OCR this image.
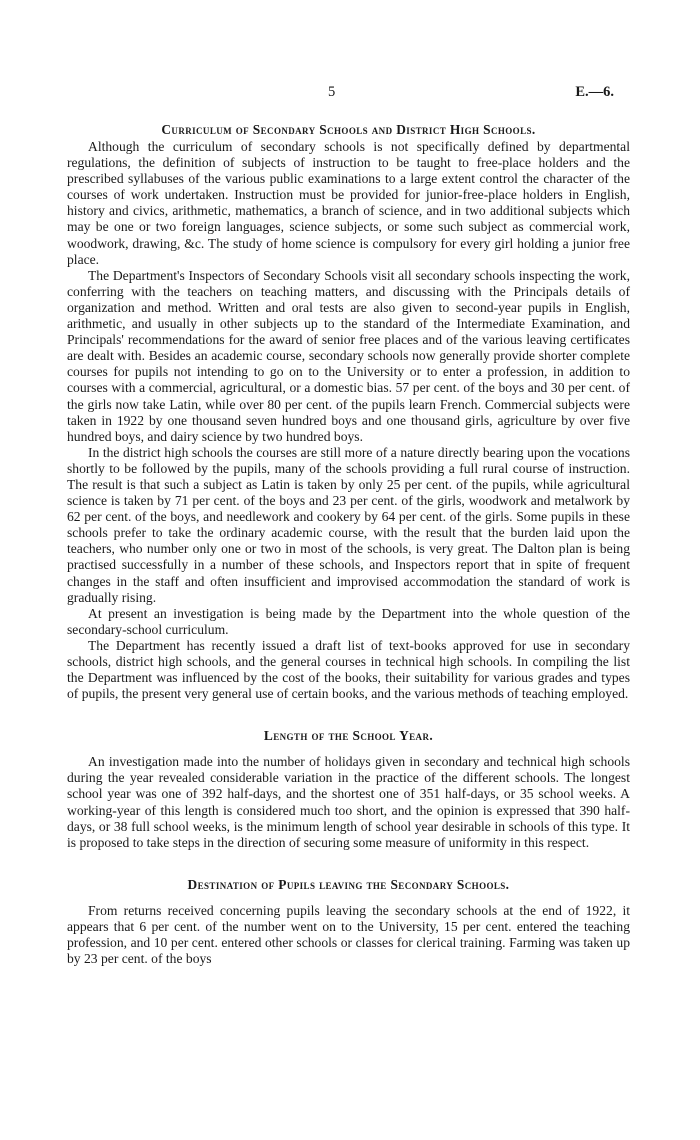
5	E.—6.
Curriculum of Secondary Schools and District High Schools.

Although the curriculum of secondary schools is not specifically defined by departmental regulations, the definition of subjects of instruction to be taught to free-place holders and the prescribed syllabuses of the various public examinations to a large extent control the character of the courses of work undertaken. Instruction must be provided for junior-free-place holders in English, history and civics, arithmetic, mathematics, a branch of science, and in two additional subjects which may be one or two foreign languages, science subjects, or some such subject as commercial work, woodwork, drawing, &c. The study of home science is compulsory for every girl holding a junior free place.

The Department's Inspectors of Secondary Schools visit all secondary schools inspecting the work, conferring with the teachers on teaching matters, and discussing with the Principals details of organization and method. Written and oral tests are also given to second-year pupils in English, arithmetic, and usually in other subjects up to the standard of the Intermediate Examination, and Principals' recommendations for the award of senior free places and of the various leaving certificates are dealt with. Besides an academic course, secondary schools now generally provide shorter complete courses for pupils not intending to go on to the University or to enter a profession, in addition to courses with a commercial, agricultural, or a domestic bias. 57 per cent. of the boys and 30 per cent. of the girls now take Latin, while over 80 per cent. of the pupils learn French. Commercial subjects were taken in 1922 by one thousand seven hundred boys and one thousand girls, agriculture by over five hundred boys, and dairy science by two hundred boys.

In the district high schools the courses are still more of a nature directly bearing upon the vocations shortly to be followed by the pupils, many of the schools providing a full rural course of instruction. The result is that such a subject as Latin is taken by only 25 per cent. of the pupils, while agricultural science is taken by 71 per cent. of the boys and 23 per cent. of the girls, woodwork and metalwork by 62 per cent. of the boys, and needlework and cookery by 64 per cent. of the girls. Some pupils in these schools prefer to take the ordinary academic course, with the result that the burden laid upon the teachers, who number only one or two in most of the schools, is very great. The Dalton plan is being practised successfully in a number of these schools, and Inspectors report that in spite of frequent changes in the staff and often insufficient and improvised accommodation the standard of work is gradually rising.

At present an investigation is being made by the Department into the whole question of the secondary-school curriculum.

The Department has recently issued a draft list of text-books approved for use in secondary schools, district high schools, and the general courses in technical high schools. In compiling the list the Department was influenced by the cost of the books, their suitability for various grades and types of pupils, the present very general use of certain books, and the various methods of teaching employed.

Length of the School Year.

An investigation made into the number of holidays given in secondary and technical high schools during the year revealed considerable variation in the practice of the different schools. The longest school year was one of 392 half-days, and the shortest one of 351 half-days, or 35 school weeks. A working-year of this length is considered much too short, and the opinion is expressed that 390 half-days, or 38 full school weeks, is the minimum length of school year desirable in schools of this type. It is proposed to take steps in the direction of securing some measure of uniformity in this respect.

Destination of Pupils leaving the Secondary Schools.

From returns received concerning pupils leaving the secondary schools at the end of 1922, it appears that 6 per cent. of the number went on to the University, 15 per cent. entered the teaching profession, and 10 per cent. entered other schools or classes for clerical training. Farming was taken up by 23 per cent. of the boys
